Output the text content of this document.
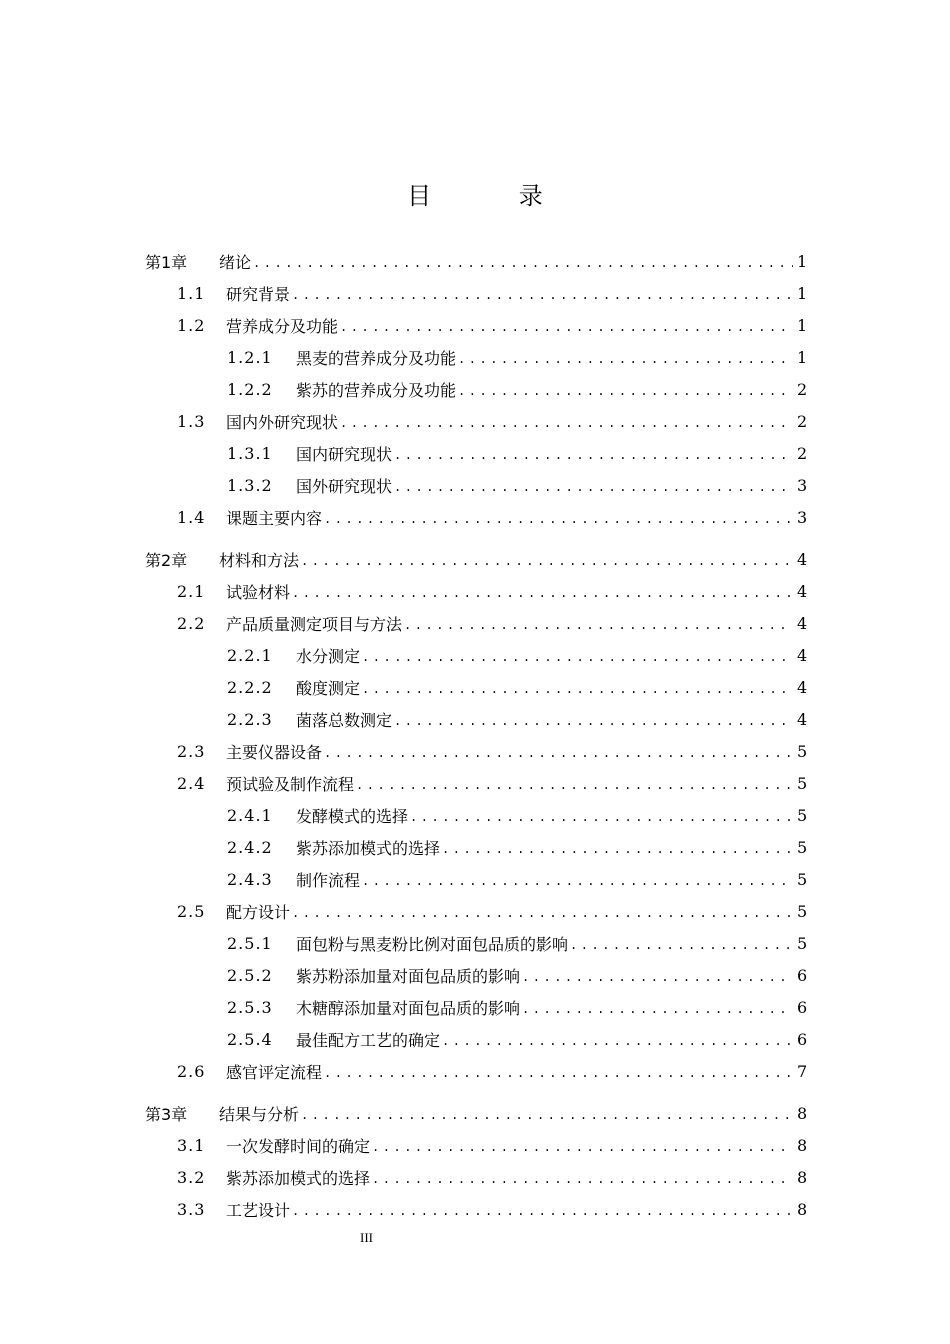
目 录
第1章	绪论 .....	1
1.1	研究背景 .....	1
1.2	营养成分及功能 .....	1
1.2.1	黑麦的营养成分及功能 .....	1
1.2.2	紫苏的营养成分及功能 .....	2
1.3	国内外研究现状 .....	2
1.3.1	国内研究现状 .....	2
1.3.2	国外研究现状 .....	3
1.4	课题主要内容 .....	3
第2章	材料和方法 .....	4
2.1	试验材料 .....	4
2.2	产品质量测定项目与方法 .....	4
2.2.1	水分测定 .....	4
2.2.2	酸度测定 .....	4
2.2.3	菌落总数测定 .....	4
2.3	主要仪器设备 .....	5
2.4	预试验及制作流程 .....	5
2.4.1	发酵模式的选择 .....	5
2.4.2	紫苏添加模式的选择 .....	5
2.4.3	制作流程 .....	5
2.5	配方设计 .....	5
2.5.1	面包粉与黑麦粉比例对面包品质的影响 .....	5
2.5.2	紫苏粉添加量对面包品质的影响 .....	6
2.5.3	木糖醇添加量对面包品质的影响 .....	6
2.5.4	最佳配方工艺的确定 .....	6
2.6	感官评定流程 .....	7
第3章	结果与分析 .....	8
3.1	一次发酵时间的确定 .....	8
3.2	紫苏添加模式的选择 .....	8
3.3	工艺设计 .....	8
III
